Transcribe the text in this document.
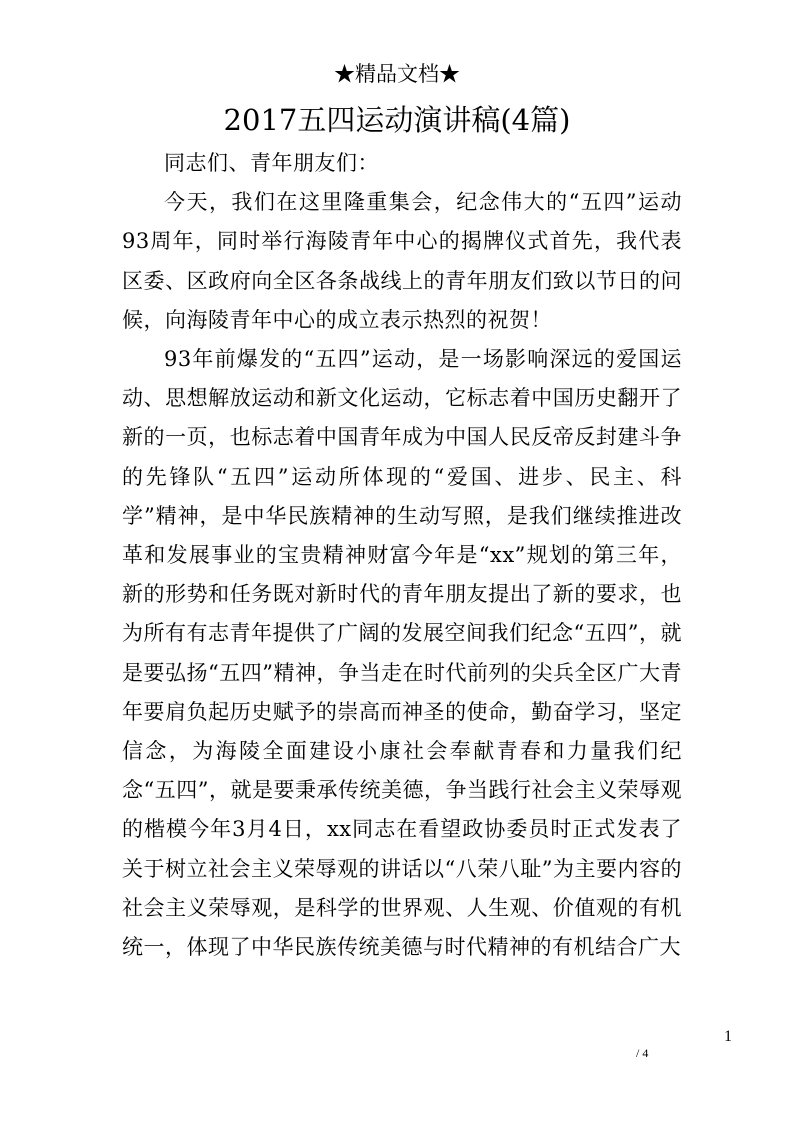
★精品文档★
2017五四运动演讲稿(4篇)

同志们、青年朋友们：

今天，我们在这里隆重集会，纪念伟大的“五四”运动93周年，同时举行海陵青年中心的揭牌仪式首先，我代表区委、区政府向全区各条战线上的青年朋友们致以节日的问候，向海陵青年中心的成立表示热烈的祝贺！

93年前爆发的“五四”运动，是一场影响深远的爱国运动、思想解放运动和新文化运动，它标志着中国历史翻开了新的一页，也标志着中国青年成为中国人民反帝反封建斗争的先锋队“五四”运动所体现的“爱国、进步、民主、科学”精神，是中华民族精神的生动写照，是我们继续推进改革和发展事业的宝贵精神财富今年是“xx”规划的第三年，新的形势和任务既对新时代的青年朋友提出了新的要求，也为所有有志青年提供了广阔的发展空间我们纪念“五四”，就是要弘扬“五四”精神，争当走在时代前列的尖兵全区广大青年要肩负起历史赋予的崇高而神圣的使命，勤奋学习，坚定信念，为海陵全面建设小康社会奉献青春和力量我们纪念“五四”，就是要秉承传统美德，争当践行社会主义荣辱观的楷模今年3月4日，xx同志在看望政协委员时正式发表了关于树立社会主义荣辱观的讲话以“八荣八耻”为主要内容的社会主义荣辱观，是科学的世界观、人生观、价值观的有机统一，体现了中华民族传统美德与时代精神的有机结合广大

1
/ 4
